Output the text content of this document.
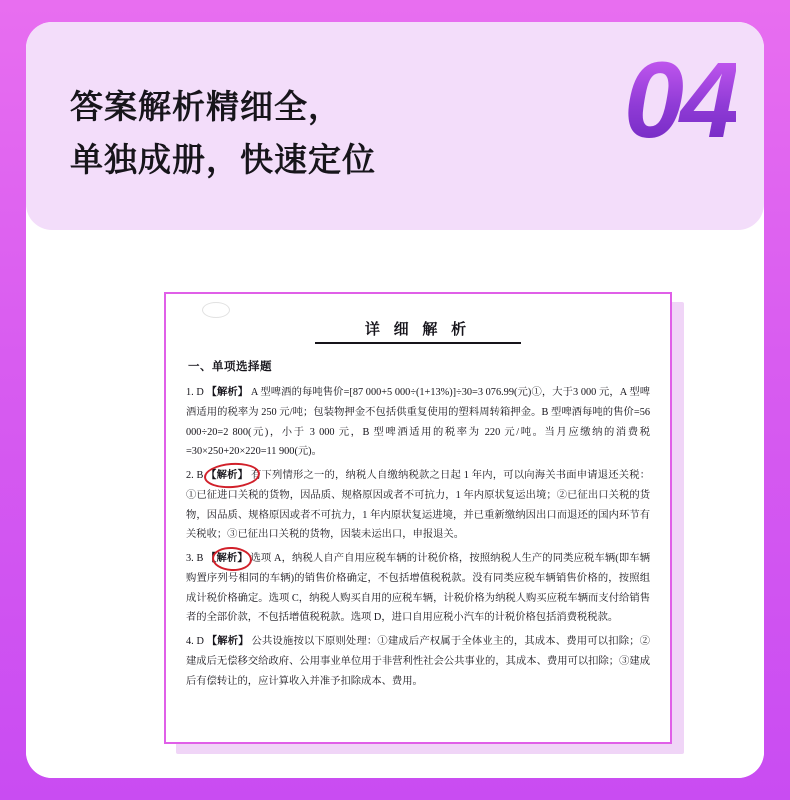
答案解析精细全，
单独成册，快速定位 04
详 细 解 析
一、单项选择题
1. D 【解析】 A 型啤酒的每吨售价=[87 000+5 000÷(1+13%)]÷30=3 076.99(元)①，大于3 000 元，A 型啤酒适用的税率为 250 元/吨；包装物押金不包括供重复使用的塑料周转箱押金。B 型啤酒每吨的售价=56 000÷20=2 800(元)，小于 3 000 元，B 型啤酒适用的税率为 220 元/吨。当月应缴纳的消费税=30×250+20×220=11 900(元)。
2. B 【解析】 有下列情形之一的，纳税人自缴纳税款之日起 1 年内，可以向海关书面申请退还关税：①已征进口关税的货物，因品质、规格原因或者不可抗力，1 年内原状复运出境；②已征出口关税的货物，因品质、规格原因或者不可抗力，1 年内原状复运进境，并已重新缴纳因出口而退还的国内环节有关税收；③已征出口关税的货物，因装未运出口，申报退关。
3. B 【解析】 选项 A，纳税人自产自用应税车辆的计税价格，按照纳税人生产的同类应税车辆(即车辆购置序列号相同的车辆)的销售价格确定，不包括增值税税款。没有同类应税车辆销售价格的，按照组成计税价格确定。选项 C，纳税人购买自用的应税车辆，计税价格为纳税人购买应税车辆而支付给销售者的全部价款，不包括增值税税款。选项 D，进口自用应税小汽车的计税价格包括消费税税款。
4. D 【解析】 公共设施按以下原则处理：①建成后产权属于全体业主的，其成本、费用可以扣除；②建成后无偿移交给政府、公用事业单位用于非营利性社会公共事业的，其成本、费用可以扣除；③建成后有偿转让的，应计算收入并准予扣除成本、费用。
